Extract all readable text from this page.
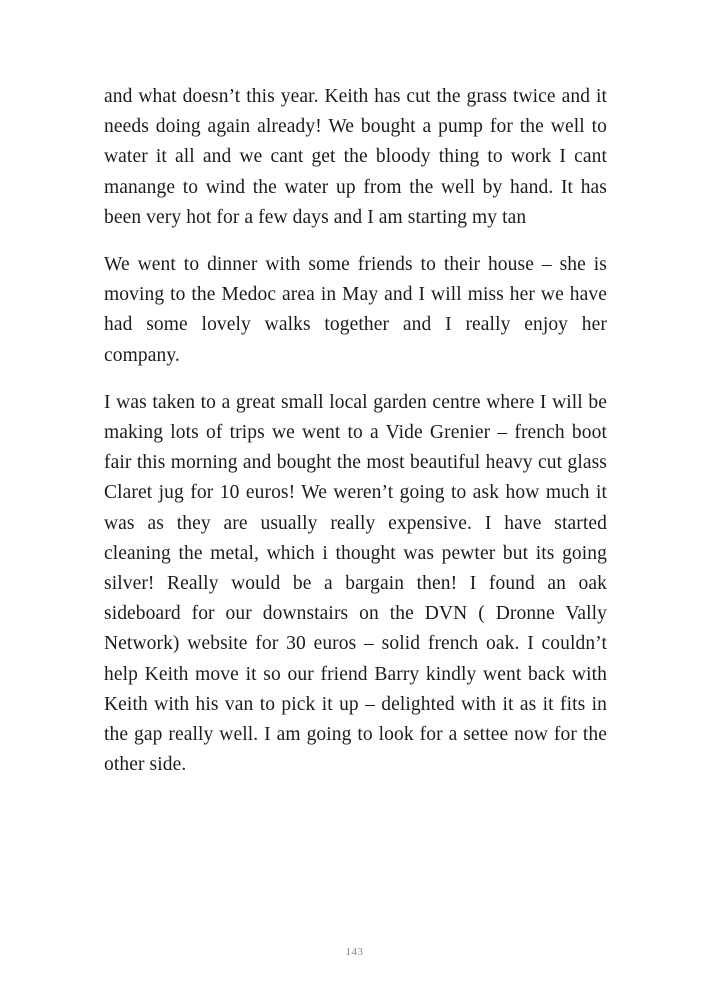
and what doesn’t this year. Keith has cut the grass twice and it needs doing again already! We bought a pump for the well to water it all and we cant get the bloody thing to work I cant manange to wind the water up from the well by hand. It has been very hot for a few days and I am starting my tan

We went to dinner with some friends to their house – she is moving to the Medoc area in May and I will miss her we have had some lovely walks together and I really enjoy her company.

I was taken to a great small local garden centre where I will be making lots of trips we went to a Vide Grenier – french boot fair this morning and bought the most beautiful heavy cut glass Claret jug for 10 euros! We weren’t going to ask how much it was as they are usually really expensive. I have started cleaning the metal, which i thought was pewter but its going silver! Really would be a bargain then! I found an oak sideboard for our downstairs on the DVN ( Dronne Vally Network) website for 30 euros – solid french oak. I couldn’t help Keith move it so our friend Barry kindly went back with Keith with his van to pick it up – delighted with it as it fits in the gap really well. I am going to look for a settee now for the other side.

143
